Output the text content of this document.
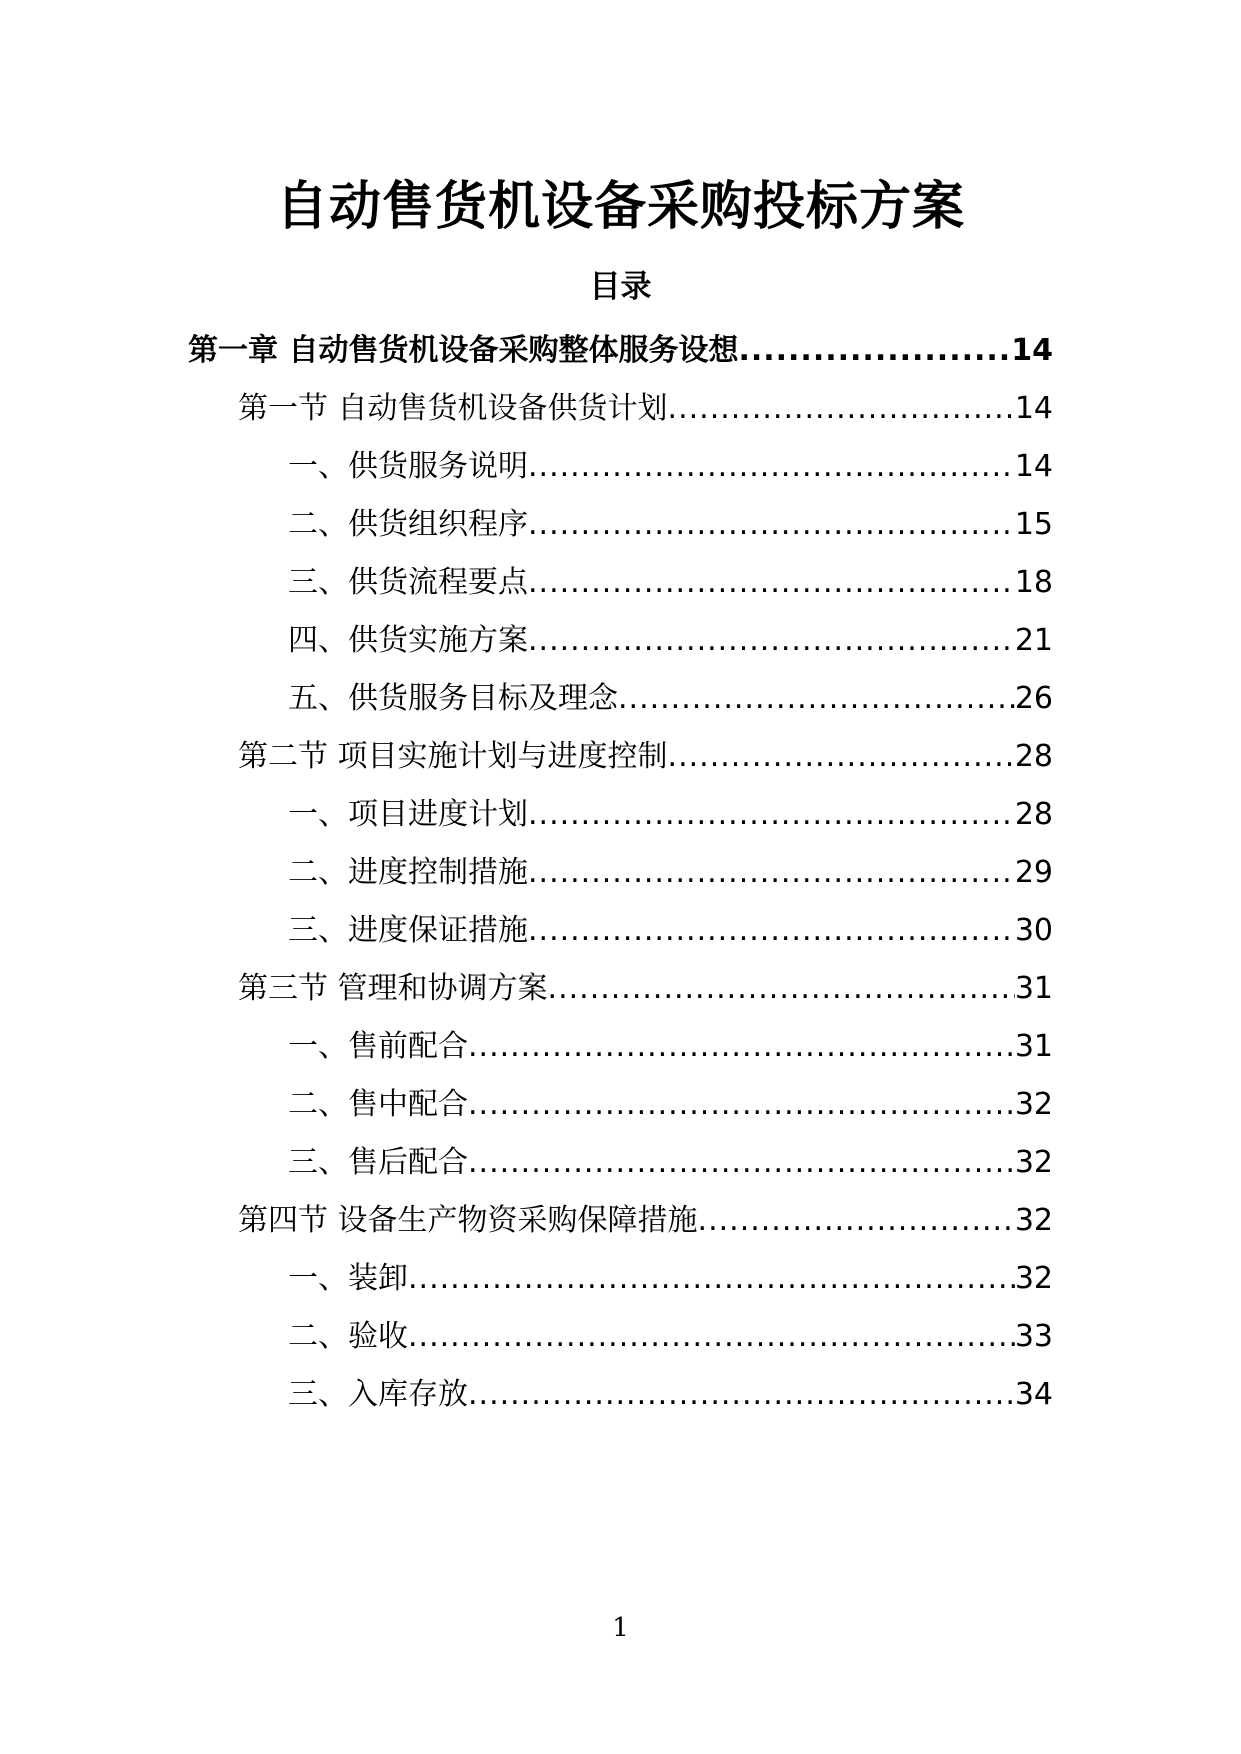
自动售货机设备采购投标方案
目录
第一章 自动售货机设备采购整体服务设想 .....	14
第一节 自动售货机设备供货计划 .....	14
一、供货服务说明 .....	14
二、供货组织程序 .....	15
三、供货流程要点 .....	18
四、供货实施方案 .....	21
五、供货服务目标及理念 .....	26
第二节 项目实施计划与进度控制 .....	28
一、项目进度计划 .....	28
二、进度控制措施 .....	29
三、进度保证措施 .....	30
第三节 管理和协调方案 .....	31
一、售前配合 .....	31
二、售中配合 .....	32
三、售后配合 .....	32
第四节 设备生产物资采购保障措施 .....	32
一、装卸 .....	32
二、验收 .....	33
三、入库存放 .....	34
1
